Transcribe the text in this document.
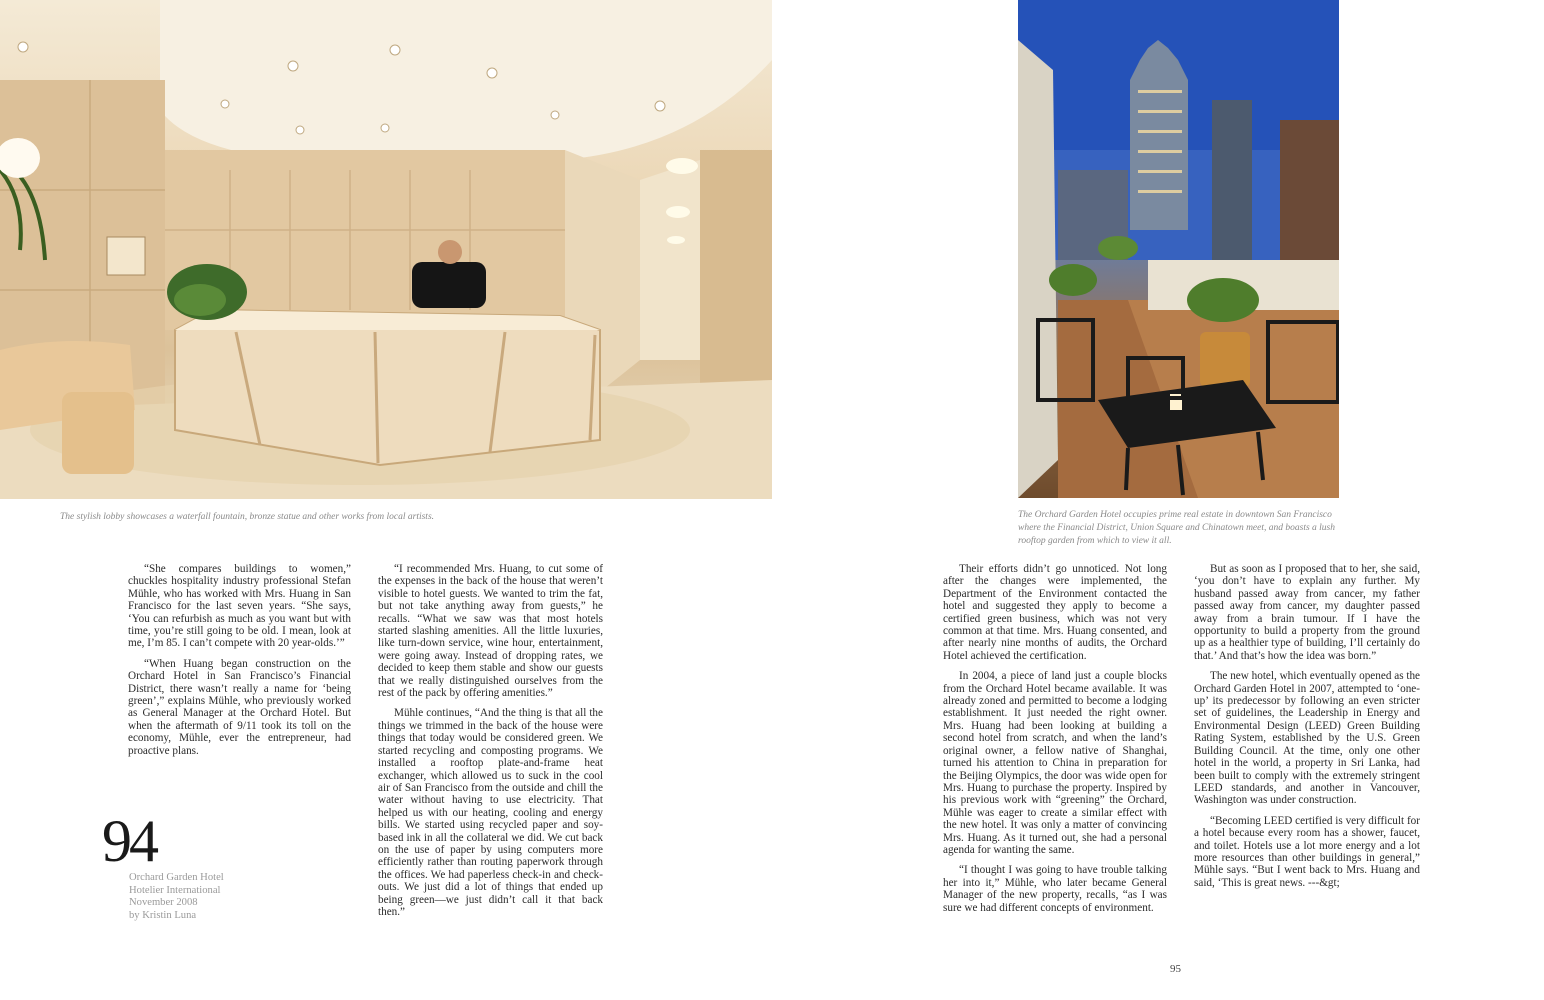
The stylish lobby showcases a waterfall fountain, bronze statue and other works from local artists.	The Orchard Garden Hotel occupies prime real estate in downtown San Francisco where the Financial District, Union Square and Chinatown meet, and boasts a lush rooftop garden from which to view it all.

“She compares buildings to women,” chuckles hospitality industry professional Stefan Mühle, who has worked with Mrs. Huang in San Francisco for the last seven years. “She says, ‘You can refurbish as much as you want but with time, you’re still going to be old. I mean, look at me, I’m 85. I can’t compete with 20 year-olds.’”

“When Huang began construction on the Orchard Hotel in San Francisco’s Financial District, there wasn’t really a name for ‘being green’,” explains Mühle, who previously worked as General Manager at the Orchard Hotel. But when the aftermath of 9/11 took its toll on the economy, Mühle, ever the entrepreneur, had proactive plans.

“I recommended Mrs. Huang, to cut some of the expenses in the back of the house that weren’t visible to hotel guests. We wanted to trim the fat, but not take anything away from guests,” he recalls. “What we saw was that most hotels started slashing amenities. All the little luxuries, like turn-down service, wine hour, entertainment, were going away. Instead of dropping rates, we decided to keep them stable and show our guests that we really distinguished ourselves from the rest of the pack by offering amenities.”

Mühle continues, “And the thing is that all the things we trimmed in the back of the house were things that today would be considered green. We started recycling and composting programs. We installed a rooftop plate-and-frame heat exchanger, which allowed us to suck in the cool air of San Francisco from the outside and chill the water without having to use electricity. That helped us with our heating, cooling and energy bills. We started using recycled paper and soy-based ink in all the collateral we did. We cut back on the use of paper by using computers more efficiently rather than routing paperwork through the offices. We had paperless check-in and check-outs. We just did a lot of things that ended up being green—we just didn’t call it that back then.”

Their efforts didn’t go unnoticed. Not long after the changes were implemented, the Department of the Environment contacted the hotel and suggested they apply to become a certified green business, which was not very common at that time. Mrs. Huang consented, and after nearly nine months of audits, the Orchard Hotel achieved the certification.

In 2004, a piece of land just a couple blocks from the Orchard Hotel became available. It was already zoned and permitted to become a lodging establishment. It just needed the right owner. Mrs. Huang had been looking at building a second hotel from scratch, and when the land’s original owner, a fellow native of Shanghai, turned his attention to China in preparation for the Beijing Olympics, the door was wide open for Mrs. Huang to purchase the property. Inspired by his previous work with “greening” the Orchard, Mühle was eager to create a similar effect with the new hotel. It was only a matter of convincing Mrs. Huang. As it turned out, she had a personal agenda for wanting the same.

“I thought I was going to have trouble talking her into it,” Mühle, who later became General Manager of the new property, recalls, “as I was sure we had different concepts of environment.

But as soon as I proposed that to her, she said, ‘you don’t have to explain any further. My husband passed away from cancer, my father passed away from cancer, my daughter passed away from a brain tumour. If I have the opportunity to build a property from the ground up as a healthier type of building, I’ll certainly do that.’ And that’s how the idea was born.”

The new hotel, which eventually opened as the Orchard Garden Hotel in 2007, attempted to ‘one-up’ its predecessor by following an even stricter set of guidelines, the Leadership in Energy and Environmental Design (LEED) Green Building Rating System, established by the U.S. Green Building Council. At the time, only one other hotel in the world, a property in Sri Lanka, had been built to comply with the extremely stringent LEED standards, and another in Vancouver, Washington was under construction.

“Becoming LEED certified is very difficult for a hotel because every room has a shower, faucet, and toilet. Hotels use a lot more energy and a lot more resources than other buildings in general,” Mühle says. “But I went back to Mrs. Huang and said, ‘This is great news. ---&gt;

94
Orchard Garden Hotel
Hotelier International
November 2008
by Kristin Luna
95
